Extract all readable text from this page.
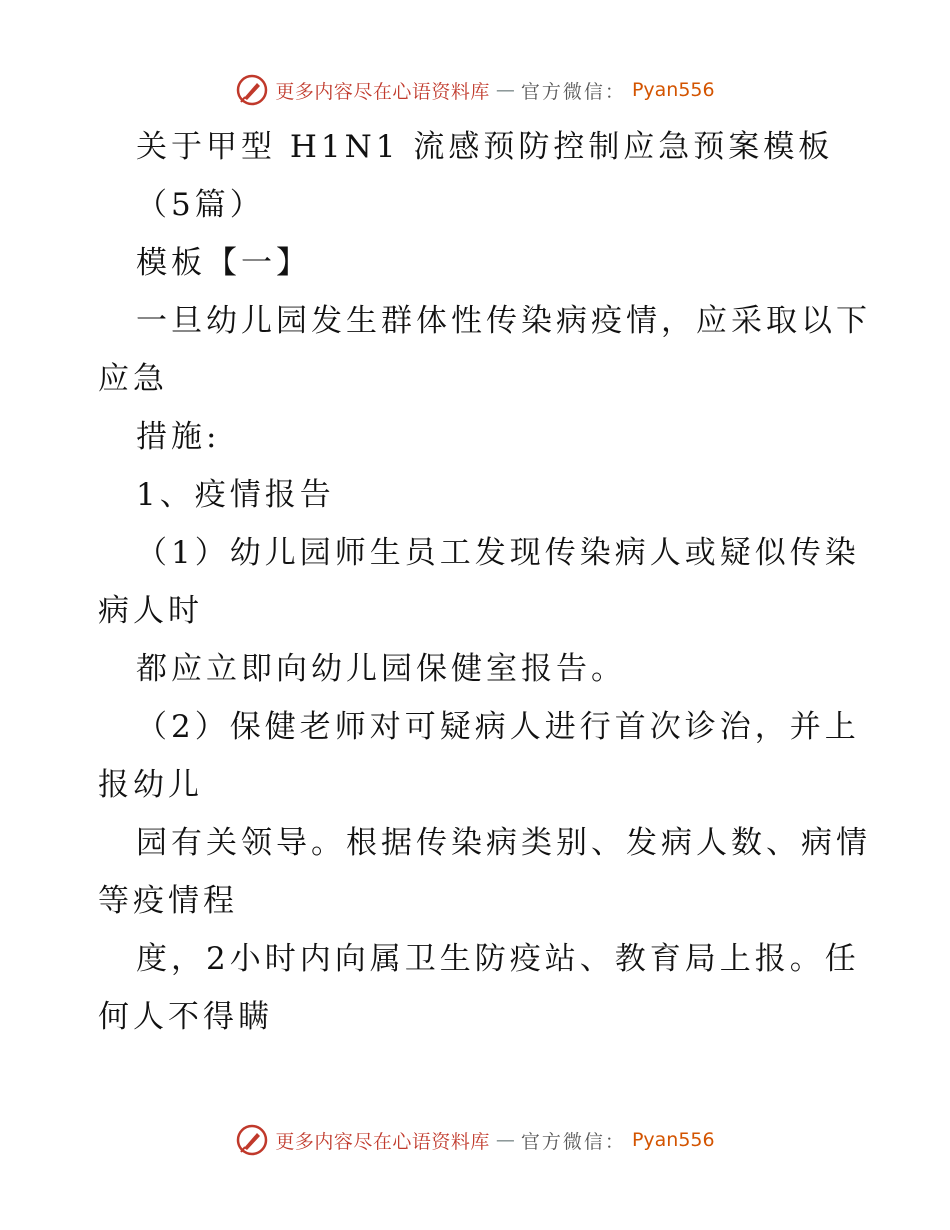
更多内容尽在心语资料库 — 官方微信： Pyan556
关于甲型 H1N1 流感预防控制应急预案模板
（5篇）
模板【一】
一旦幼儿园发生群体性传染病疫情，应采取以下
应急
措施:
1、疫情报告
（1）幼儿园师生员工发现传染病人或疑似传染
病人时
都应立即向幼儿园保健室报告。
（2）保健老师对可疑病人进行首次诊治，并上
报幼儿
园有关领导。根据传染病类别、发病人数、病情
等疫情程
度，2小时内向属卫生防疫站、教育局上报。任
何人不得瞒
更多内容尽在心语资料库 — 官方微信： Pyan556
